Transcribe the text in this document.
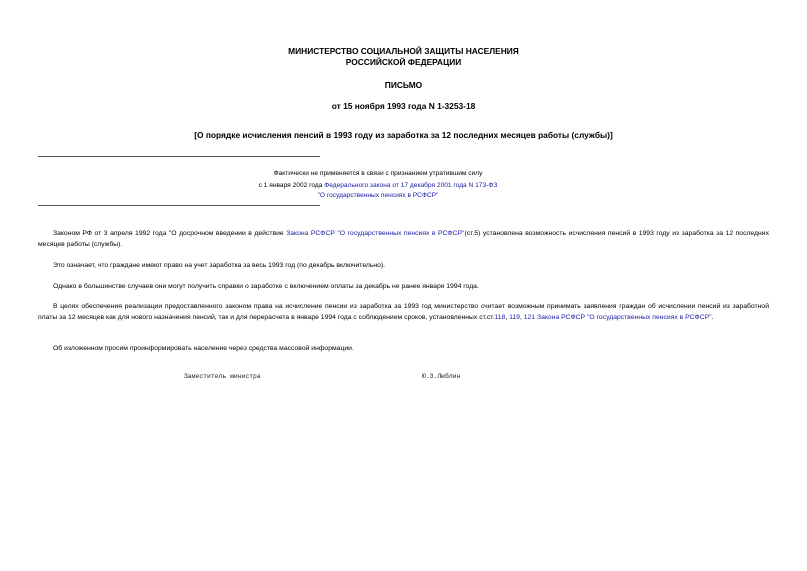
МИНИСТЕРСТВО СОЦИАЛЬНОЙ ЗАЩИТЫ НАСЕЛЕНИЯ
РОССИЙСКОЙ ФЕДЕРАЦИИ
ПИСЬМО
от 15 ноября 1993 года N 1-3253-18
[О порядке исчисления пенсий в 1993 году из заработка за 12 последних месяцев работы (службы)]
Фактически не применяется в связи с признанием утратившим силу
с 1 января 2002 года Федерального закона от 17 декабря 2001 года N 173-ФЗ
"О государственных пенсиях в РСФСР"
Законом РФ от 3 апреля 1992 года "О досрочном введении в действие Закона РСФСР "О государственных пенсиях в РСФСР"(ст.5) установлена возможность исчисления пенсий в 1993 году из заработка за 12 последних месяцев работы (службы).
Это означает, что граждане имеют право на учет заработка за весь 1993 год (по декабрь включительно).
Однако в большинстве случаев они могут получить справки о заработке с включением оплаты за декабрь не ранее января 1994 года.
В целях обеспечения реализации предоставленного законом права на исчисление пенсии из заработка за 1993 год министерство считает возможным принимать заявления граждан об исчислении пенсий из заработной платы за 12 месяцев как для нового назначения пенсий, так и для перерасчета в январе 1994 года с соблюдением сроков, установленных ст.ст.118, 119, 121 Закона РСФСР "О государственных пенсиях в РСФСР".
Об изложенном просим проинформировать население через средства массовой информации.
Заместитель министра	Ю.З.Люблин
